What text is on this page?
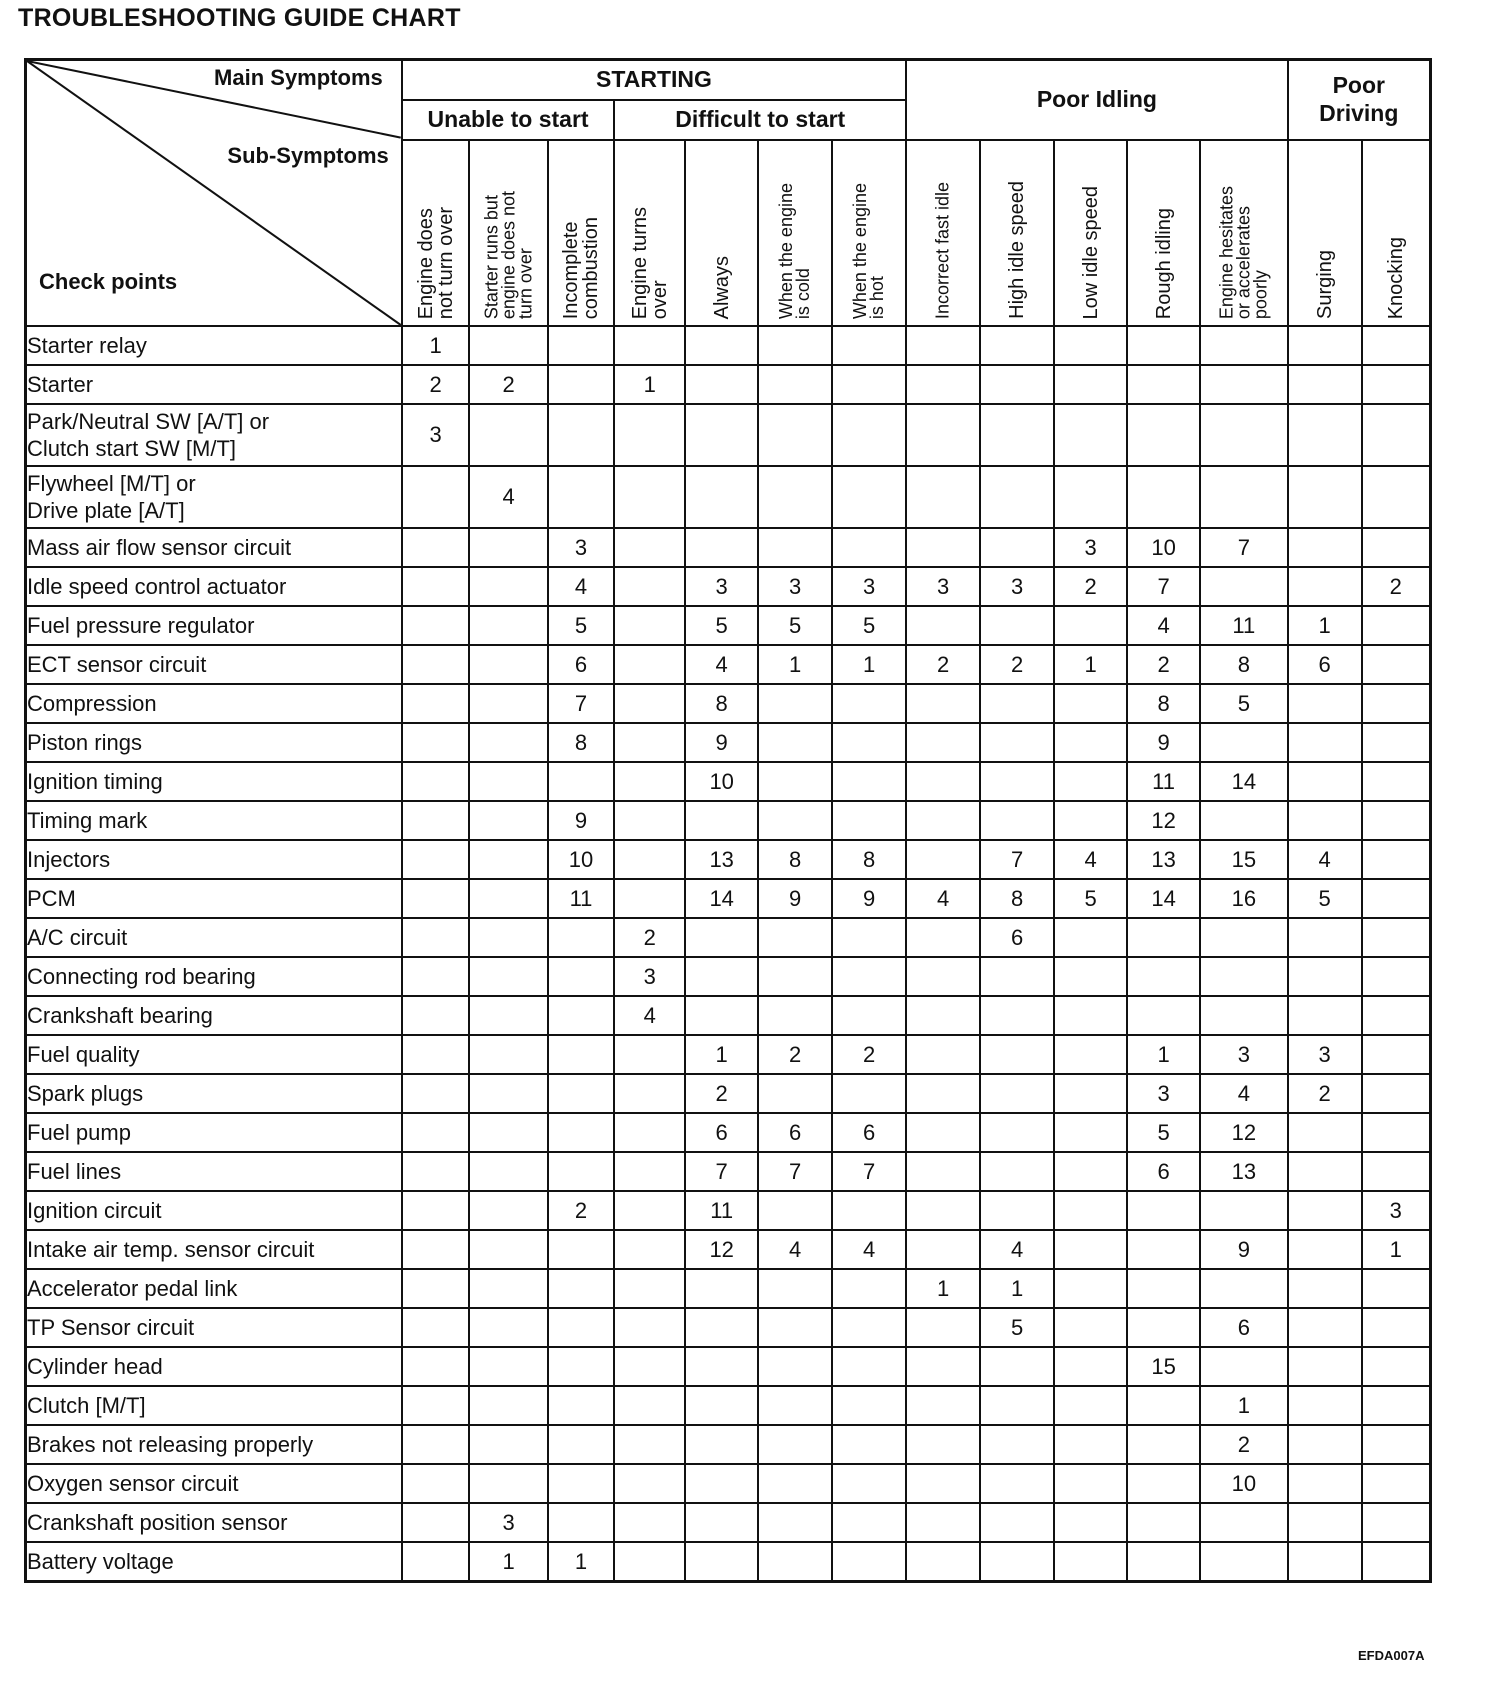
TROUBLESHOOTING GUIDE CHART
Main Symptoms
Sub-Symptoms
Check points	STARTING							Poor Idling					Poor Driving	

	Unable to start			Difficult to start										

	Engine does
not turn over	Starter runs but
engine does not
turn over	Incomplete
combustion	Engine turns
over	Always	When the engine
is cold	When the engine
is hot	Incorrect fast idle	High idle speed	Low idle speed	Rough idling	Engine hesitates
or accelerates
poorly	Surging	Knocking

Starter relay	1													
Starter	2	2		1										
Park/Neutral SW [A/T] or
Clutch start SW [M/T]	3													
Flywheel [M/T] or
Drive plate [A/T]		4												
Mass air flow sensor circuit			3							3	10	7		
Idle speed control actuator			4		3	3	3	3	3	2	7			2
Fuel pressure regulator			5		5	5	5				4	11	1	
ECT sensor circuit			6		4	1	1	2	2	1	2	8	6	
Compression			7		8						8	5		
Piston rings			8		9						9			
Ignition timing					10						11	14		
Timing mark			9								12			
Injectors			10		13	8	8		7	4	13	15	4	
PCM			11		14	9	9	4	8	5	14	16	5	
A/C circuit				2					6					
Connecting rod bearing				3										
Crankshaft bearing				4										
Fuel quality					1	2	2				1	3	3	
Spark plugs					2						3	4	2	
Fuel pump					6	6	6				5	12		
Fuel lines					7	7	7				6	13		
Ignition circuit			2		11									3
Intake air temp. sensor circuit					12	4	4		4			9		1
Accelerator pedal link								1	1					
TP Sensor circuit									5			6		
Cylinder head											15			
Clutch [M/T]												1		
Brakes not releasing properly												2		
Oxygen sensor circuit												10		
Crankshaft position sensor		3												
Battery voltage		1	1											
EFDA007A
